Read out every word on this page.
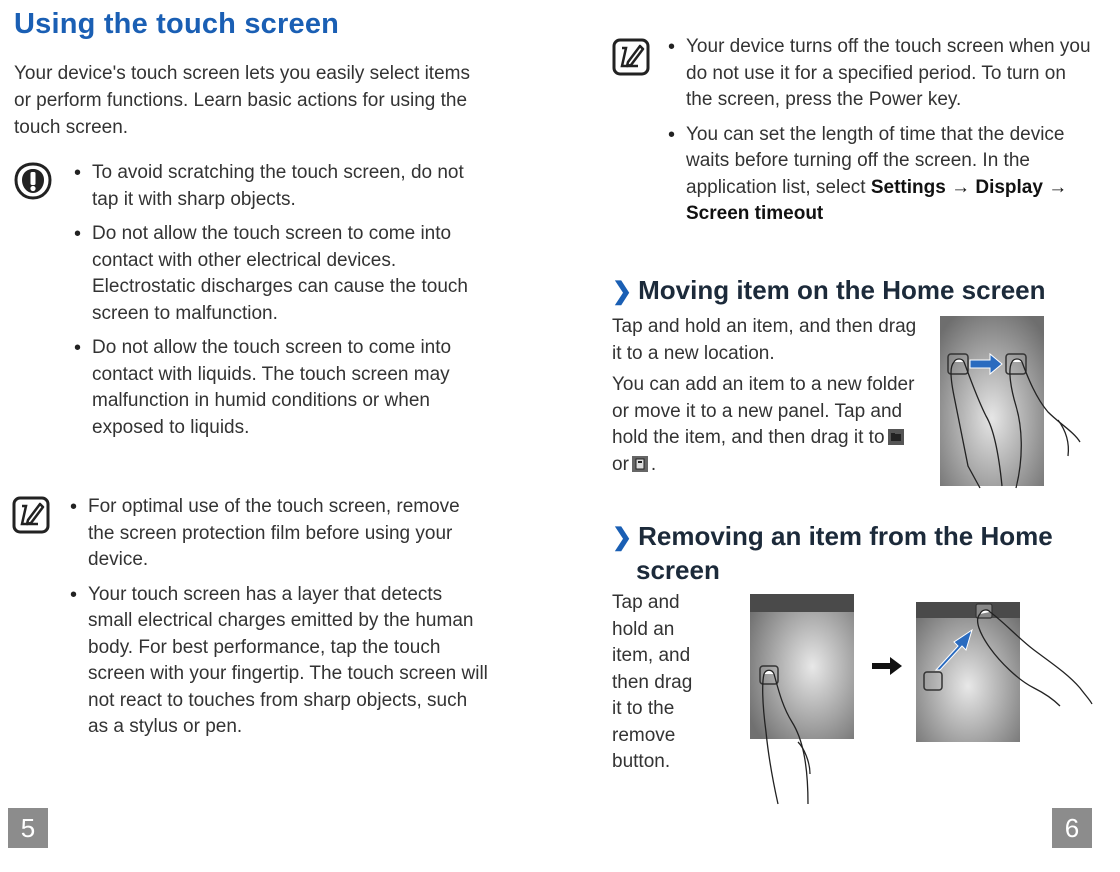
Using the touch screen

Your device's touch screen lets you easily select items or perform functions. Learn basic actions for using the touch screen.

• To avoid scratching the touch screen, do not tap it with sharp objects.
• Do not allow the touch screen to come into contact with other electrical devices. Electrostatic discharges can cause the touch screen to malfunction.
• Do not allow the touch screen to come into contact with liquids. The touch screen may malfunction in humid conditions or when exposed to liquids.
• For optimal use of the touch screen, remove the screen protection film before using your device.
• Your touch screen has a layer that detects small electrical charges emitted by the human body. For best performance, tap the touch screen with your fingertip. The touch screen will not react to touches from sharp objects, such as a stylus or pen.
5
• Your device turns off the touch screen when you do not use it for a specified period. To turn on the screen, press the Power key.
• You can set the length of time that the device waits before turning off the screen. In the application list, select Settings → Display → Screen timeout
❯ Moving item on the Home screen

Tap and hold an item, and then drag it to a new location.

You can add an item to a new folder or move it to a new panel. Tap and hold the item, and then drag it toor .

❯ Removing an item from the Home
screen
Tap and
hold an
item, and
then drag
it to the
remove
button.
6
